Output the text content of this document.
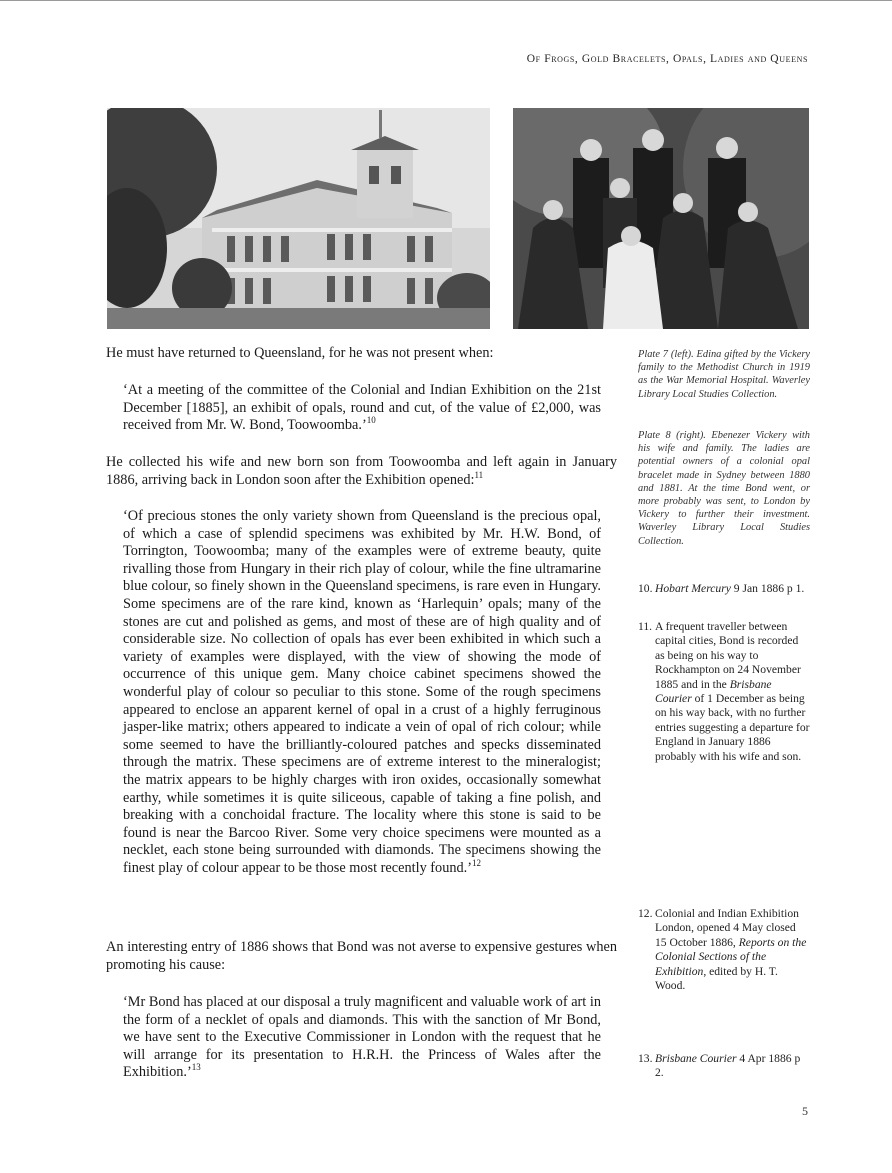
Of Frogs, Gold Bracelets, Opals, Ladies and Queens

He must have returned to Queensland, for he was not present when:

‘At a meeting of the committee of the Colonial and Indian Exhibition on the 21st December [1885], an exhibit of opals, round and cut, of the value of £2,000, was received from Mr. W. Bond, Toowoomba.’$^{10}$

He collected his wife and new born son from Toowoomba and left again in January 1886, arriving back in London soon after the Exhibition opened:$^{11}$

‘Of precious stones the only variety shown from Queensland is the precious opal, of which a case of splendid specimens was exhibited by Mr. H.W. Bond, of Torrington, Toowoomba; many of the examples were of extreme beauty, quite rivalling those from Hungary in their rich play of colour, while the fine ultramarine blue colour, so finely shown in the Queensland specimens, is rare even in Hungary. Some specimens are of the rare kind, known as ‘Harlequin’ opals; many of the stones are cut and polished as gems, and most of these are of high quality and of considerable size. No collection of opals has ever been exhibited in which such a variety of examples were displayed, with the view of showing the mode of occurrence of this unique gem. Many choice cabinet specimens showed the wonderful play of colour so peculiar to this stone. Some of the rough specimens appeared to enclose an apparent kernel of opal in a crust of a highly ferruginous jasper-like matrix; others appeared to indicate a vein of opal of rich colour; while some seemed to have the brilliantly-coloured patches and specks disseminated through the matrix. These specimens are of extreme interest to the mineralogist; the matrix appears to be highly charges with iron oxides, occasionally somewhat earthy, while sometimes it is quite siliceous, capable of taking a fine polish, and breaking with a conchoidal fracture. The locality where this stone is said to be found is near the Barcoo River. Some very choice specimens were mounted as a necklet, each stone being surrounded with diamonds. The specimens showing the finest play of colour appear to be those most recently found.’$^{12}$

An interesting entry of 1886 shows that Bond was not averse to expensive gestures when promoting his cause:

‘Mr Bond has placed at our disposal a truly magnificent and valuable work of art in the form of a necklet of opals and diamonds. This with the sanction of Mr Bond, we have sent to the Executive Commissioner in London with the request that he will arrange for its presentation to H.R.H. the Princess of Wales after the Exhibition.’$^{13}$

Plate 7 (left). Edina gifted by the Vickery family to the Methodist Church in 1919 as the War Memorial Hospital. Waverley Library Local Studies Collection.

Plate 8 (right). Ebenezer Vickery with his wife and family. The ladies are potential owners of a colonial opal bracelet made in Sydney between 1880 and 1881. At the time Bond went, or more probably was sent, to London by Vickery to further their investment. Waverley Library Local Studies Collection.

10. Hobart Mercury 9 Jan 1886 p 1.
11. A frequent traveller between capital cities, Bond is recorded as being on his way to Rockhampton on 24 November 1885 and in the Brisbane Courier of 1 December as being on his way back, with no further entries suggesting a departure for England in January 1886 probably with his wife and son.
12. Colonial and Indian Exhibition London, opened 4 May closed 15 October 1886, Reports on the Colonial Sections of the Exhibition, edited by H. T. Wood.
13. Brisbane Courier 4 Apr 1886 p 2.
5
